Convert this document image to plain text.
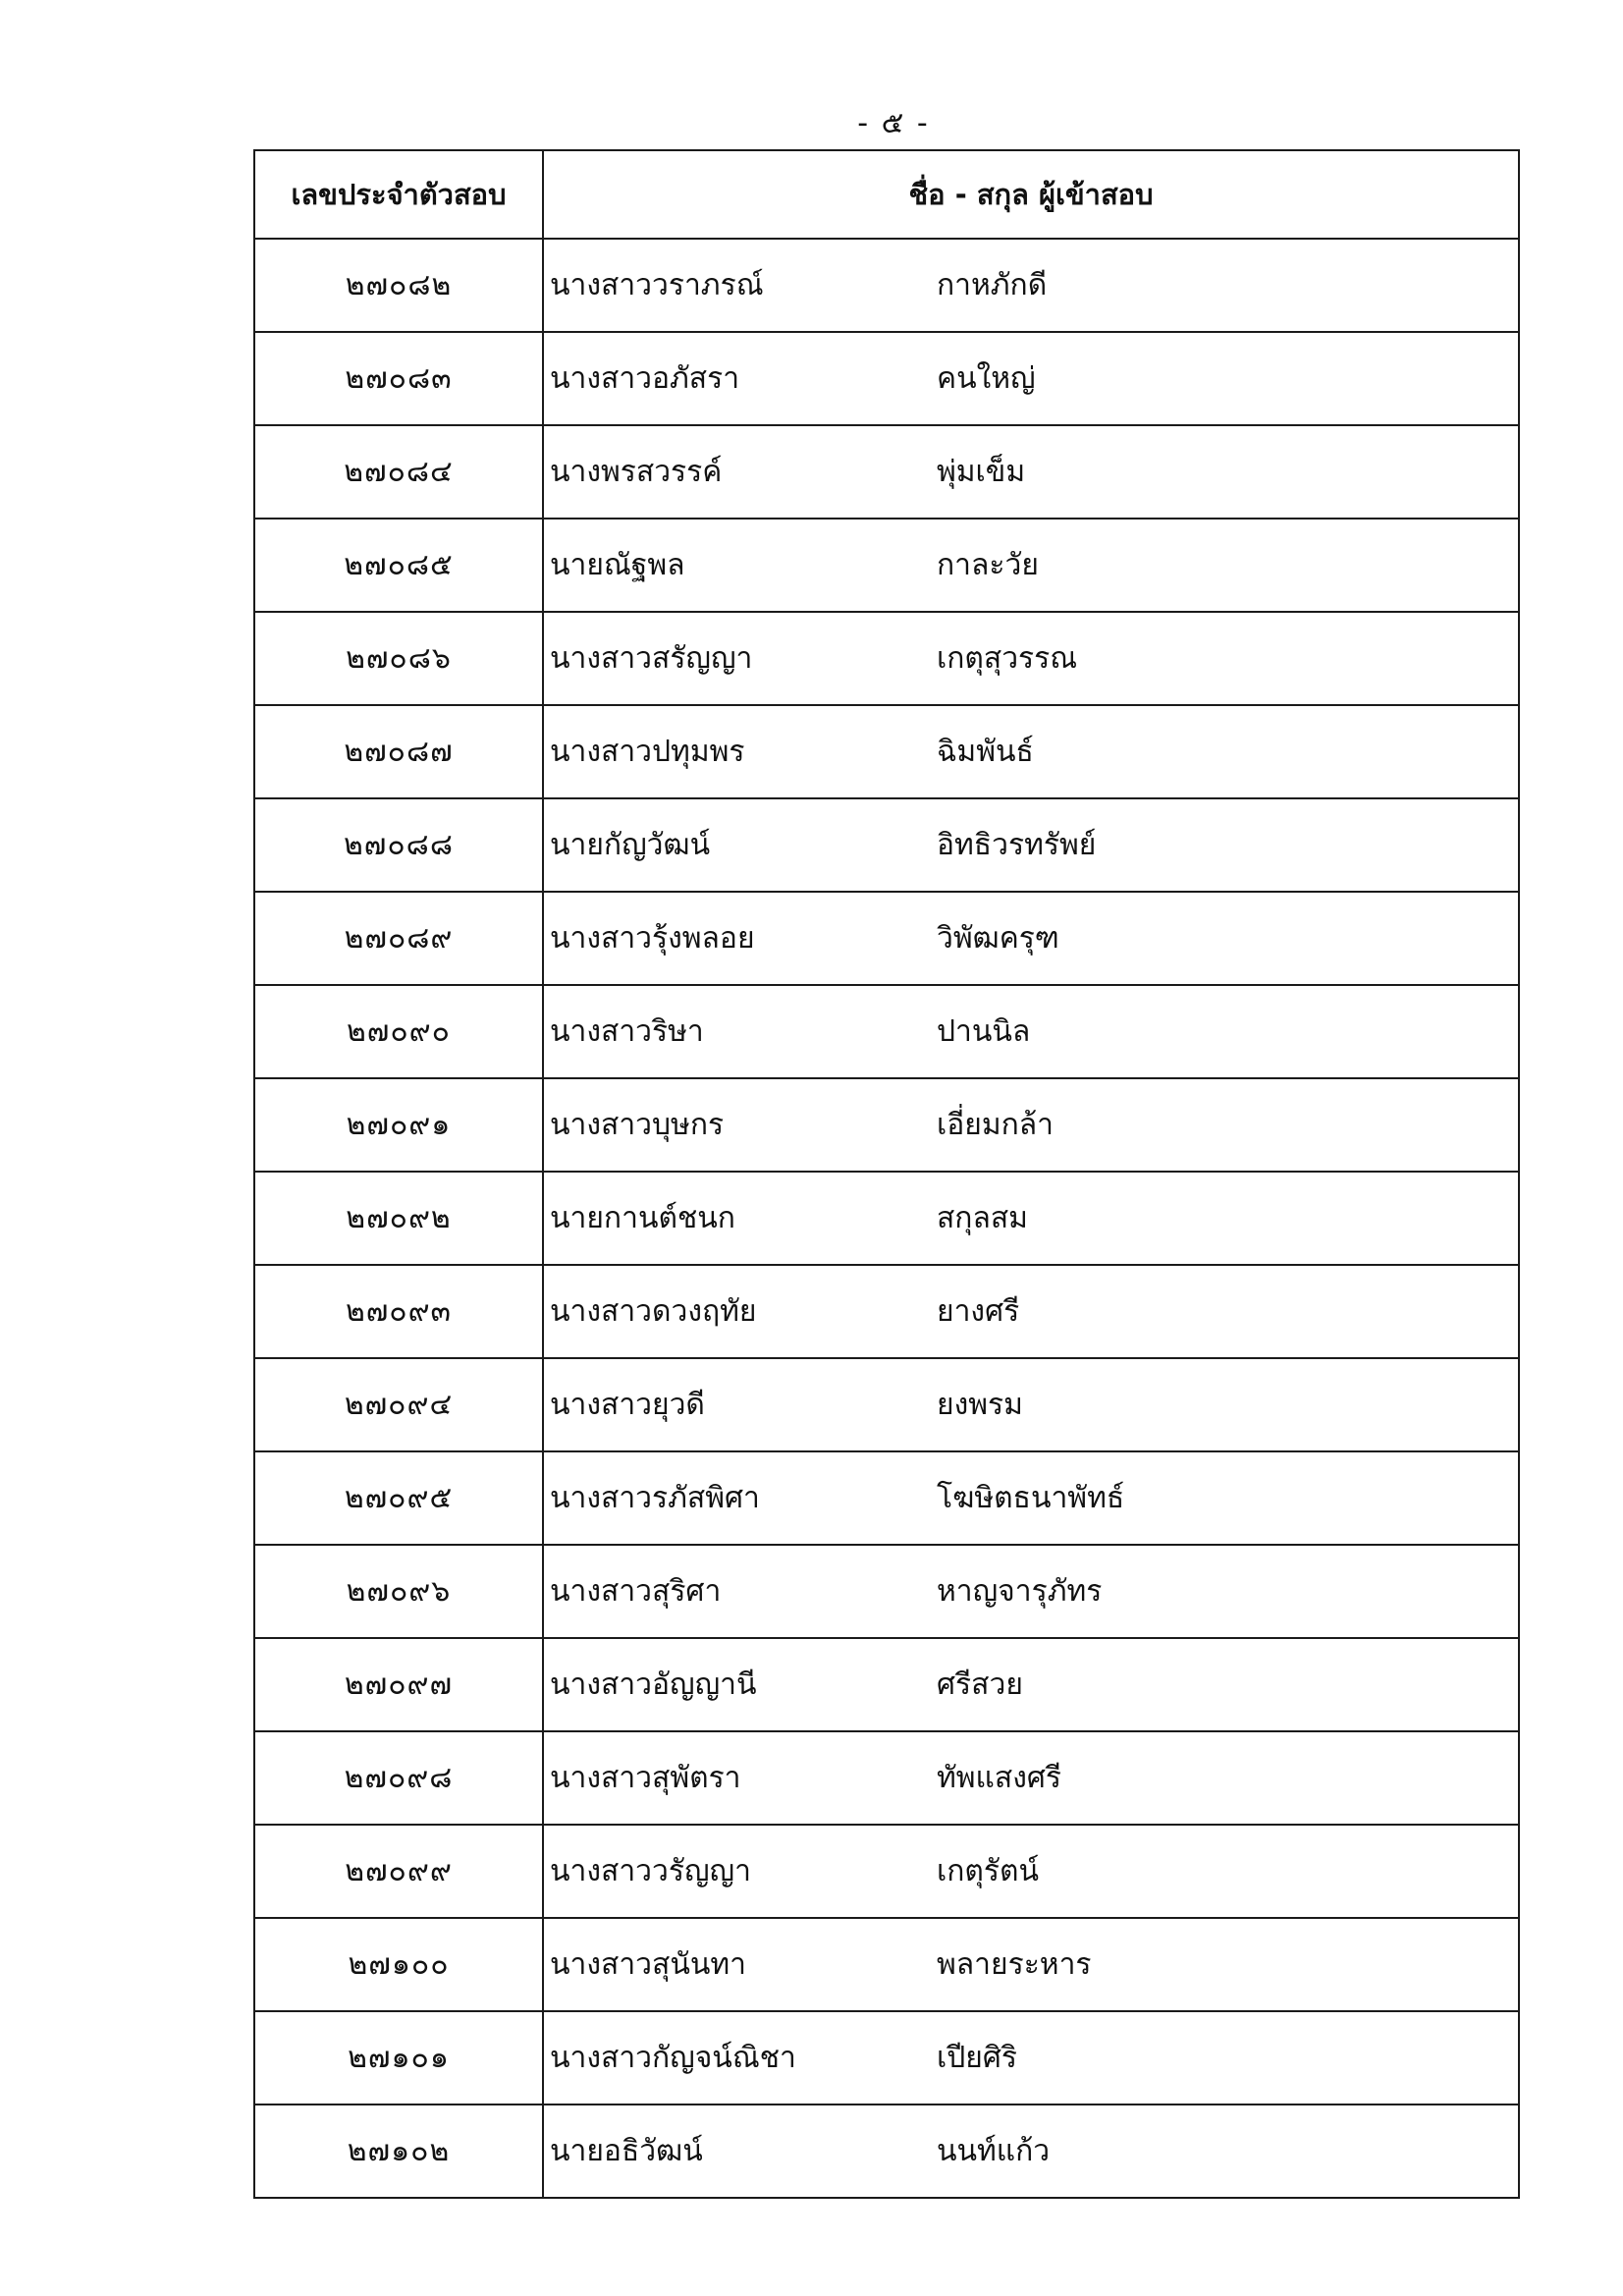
- ๕ -
เลขประจำตัวสอบ	ชื่อ - สกุล ผู้เข้าสอบ
๒๗๐๘๒	นางสาววราภรณ์ กาหภักดี

๒๗๐๘๓	นางสาวอภัสรา คนใหญ่

๒๗๐๘๔	นางพรสวรรค์ พุ่มเข็ม

๒๗๐๘๕	นายณัฐพล กาละวัย

๒๗๐๘๖	นางสาวสรัญญา เกตุสุวรรณ

๒๗๐๘๗	นางสาวปทุมพร ฉิมพันธ์

๒๗๐๘๘	นายกัญวัฒน์ อิทธิวรทรัพย์

๒๗๐๘๙	นางสาวรุ้งพลอย วิพัฒครุฑ

๒๗๐๙๐	นางสาวริษา ปานนิล

๒๗๐๙๑	นางสาวบุษกร เอี่ยมกล้า

๒๗๐๙๒	นายกานต์ชนก สกุลสม

๒๗๐๙๓	นางสาวดวงฤทัย ยางศรี

๒๗๐๙๔	นางสาวยุวดี ยงพรม

๒๗๐๙๕	นางสาวรภัสพิศา โฆษิตธนาพัทธ์

๒๗๐๙๖	นางสาวสุริศา หาญจารุภัทร

๒๗๐๙๗	นางสาวอัญญานี ศรีสวย

๒๗๐๙๘	นางสาวสุพัตรา ทัพแสงศรี

๒๗๐๙๙	นางสาววรัญญา เกตุรัตน์

๒๗๑๐๐	นางสาวสุนันทา พลายระหาร

๒๗๑๐๑	นางสาวกัญจน์ณิชา เปียศิริ

๒๗๑๐๒	นายอธิวัฒน์ นนท์แก้ว
